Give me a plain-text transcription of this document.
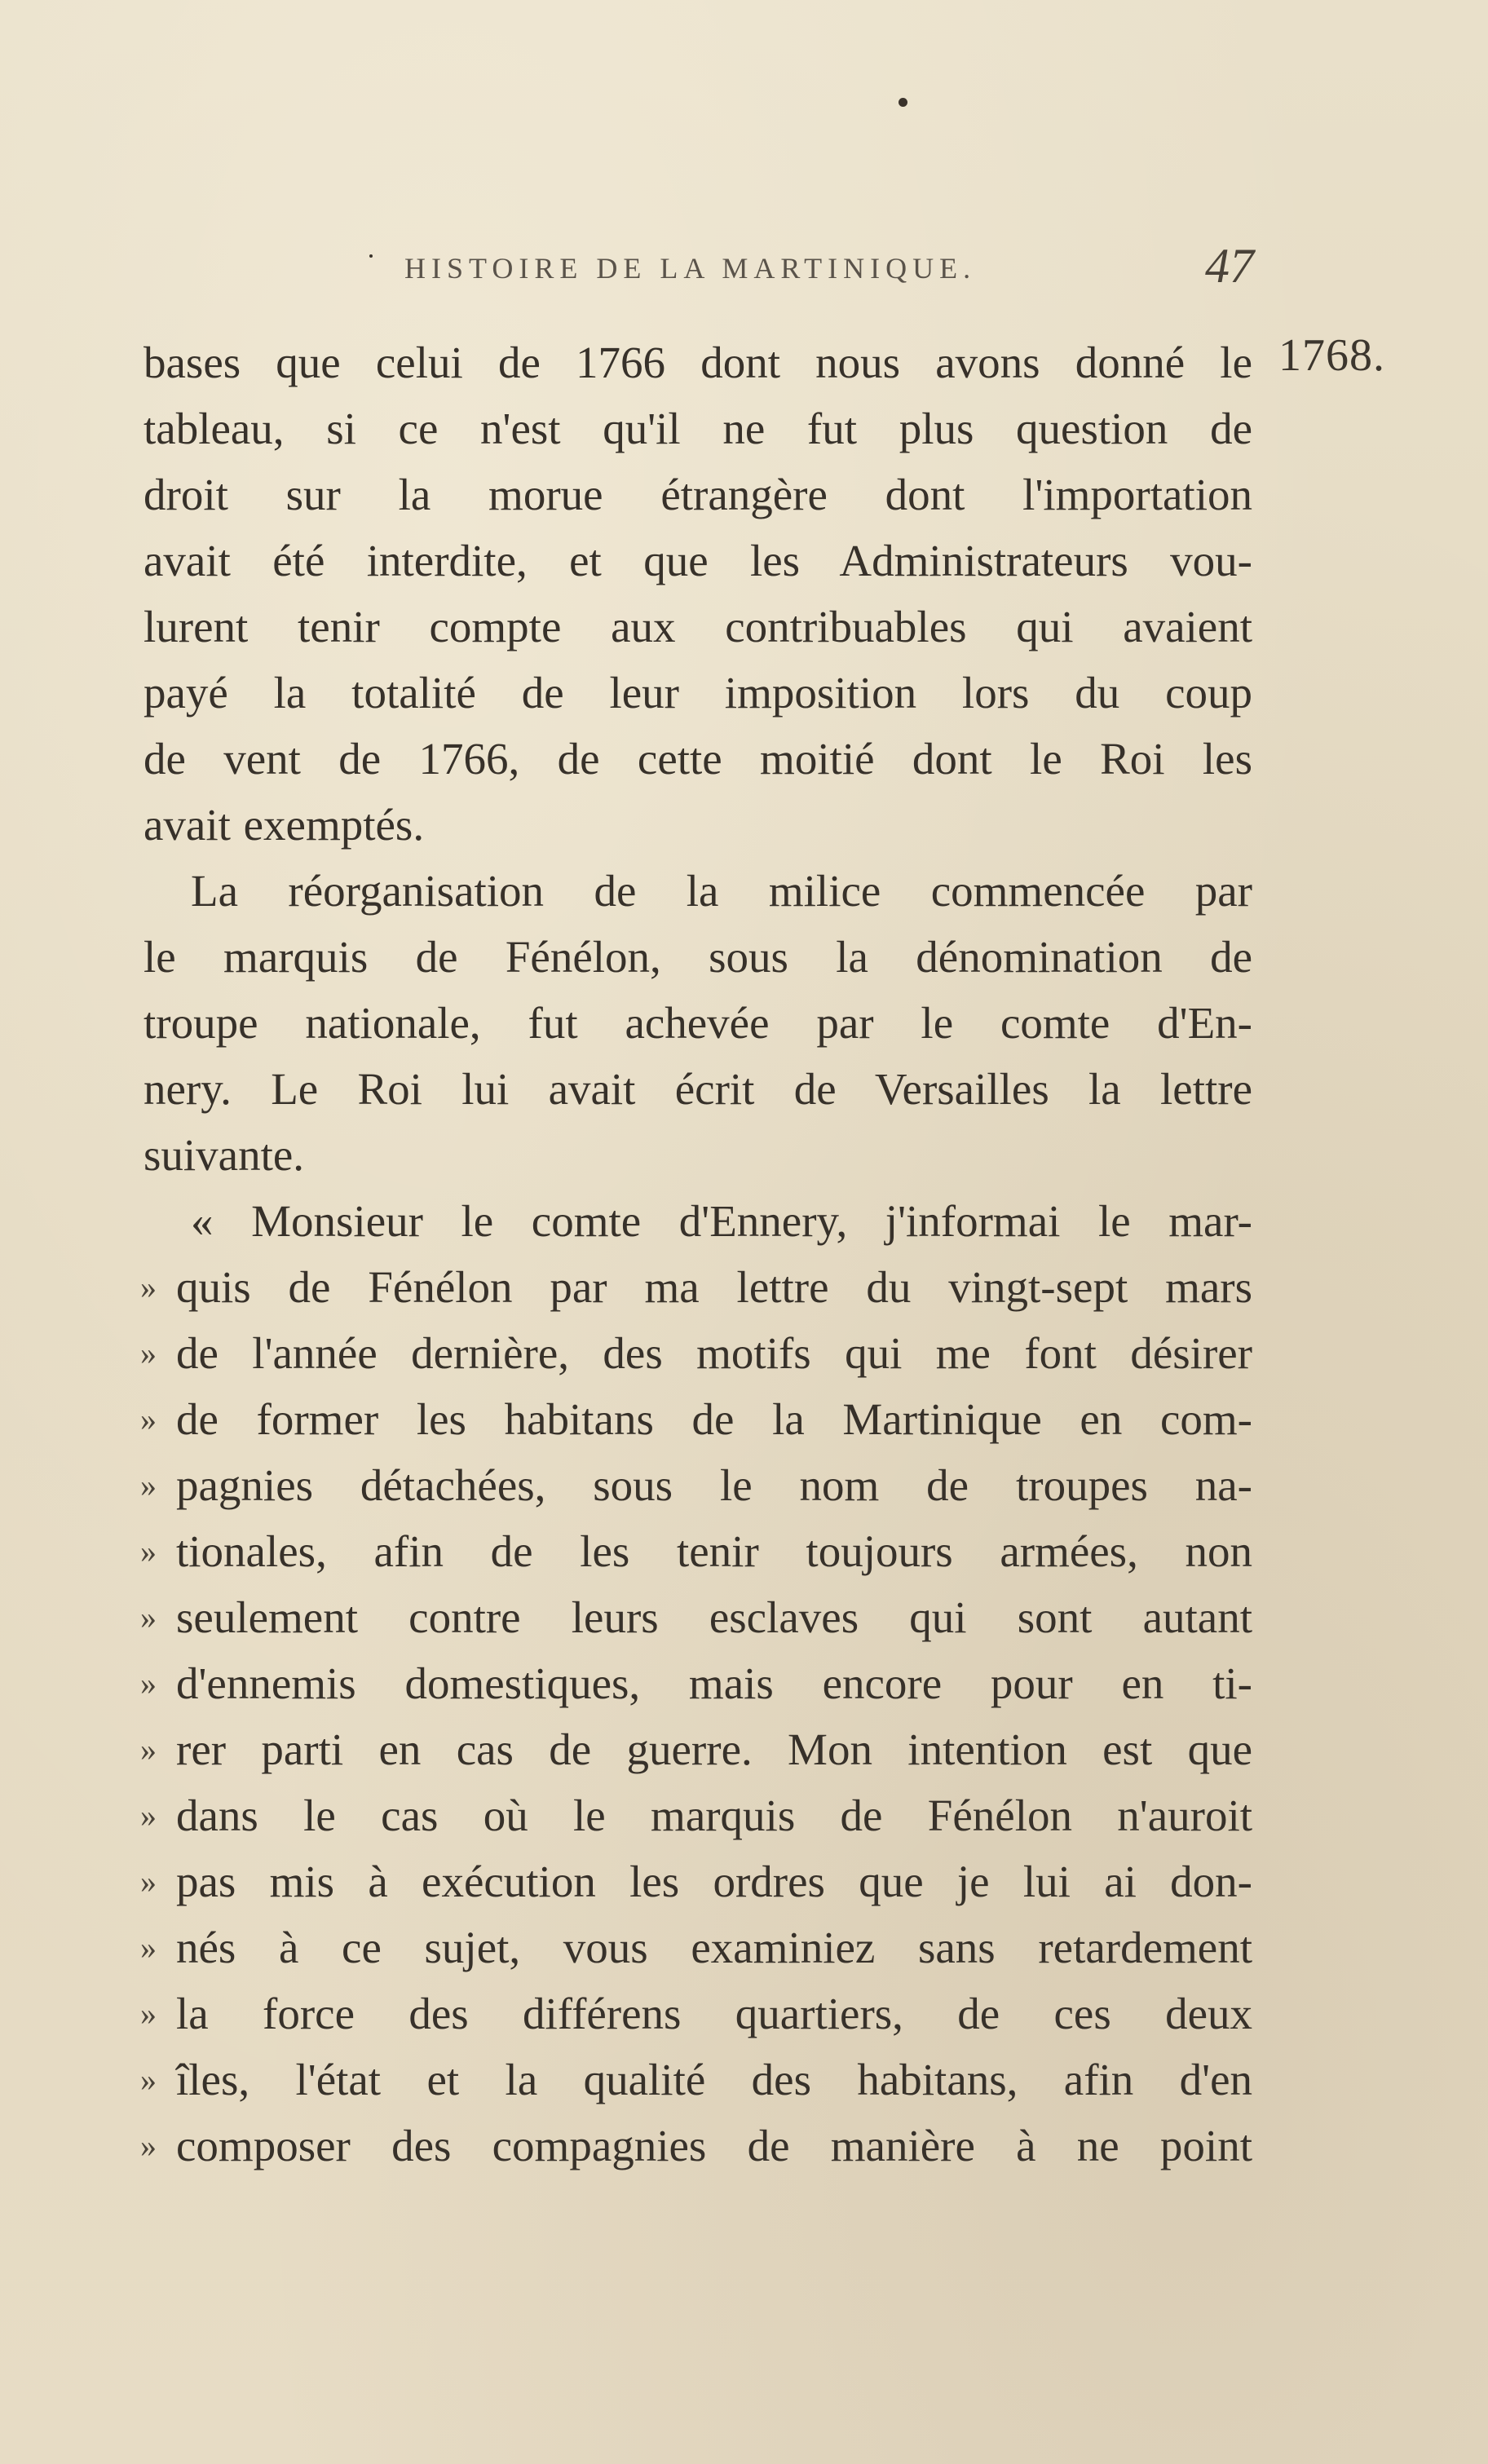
HISTOIRE DE LA MARTINIQUE.	47
1768.
bases que celui de 1766 dont nous avons donné le
tableau, si ce n'est qu'il ne fut plus question de
droit sur la morue étrangère dont l'importation
avait été interdite, et que les Administrateurs vou-
lurent tenir compte aux contribuables qui avaient
payé la totalité de leur imposition lors du coup
de vent de 1766, de cette moitié dont le Roi les
avait exemptés.
La réorganisation de la milice commencée par
le marquis de Fénélon, sous la dénomination de
troupe nationale, fut achevée par le comte d'En-
nery. Le Roi lui avait écrit de Versailles la lettre
suivante.
« Monsieur le comte d'Ennery, j'informai le mar-
» quis de Fénélon par ma lettre du vingt-sept mars
» de l'année dernière, des motifs qui me font désirer
» de former les habitans de la Martinique en com-
» pagnies détachées, sous le nom de troupes na-
» tionales, afin de les tenir toujours armées, non
» seulement contre leurs esclaves qui sont autant
» d'ennemis domestiques, mais encore pour en ti-
» rer parti en cas de guerre. Mon intention est que
» dans le cas où le marquis de Fénélon n'auroit
» pas mis à exécution les ordres que je lui ai don-
» nés à ce sujet, vous examiniez sans retardement
» la force des différens quartiers, de ces deux
» îles, l'état et la qualité des habitans, afin d'en
» composer des compagnies de manière à ne point
